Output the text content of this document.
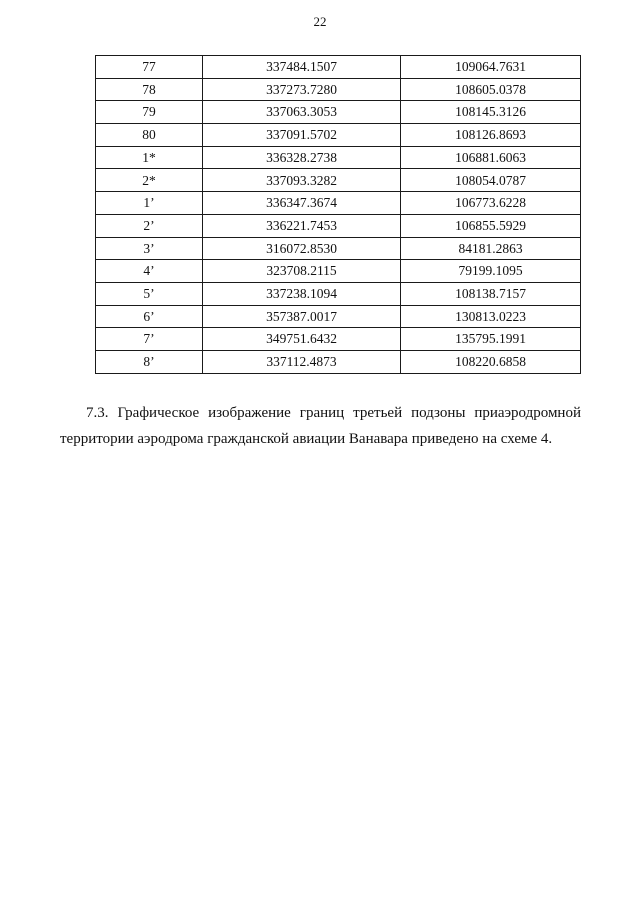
22
77	337484.1507	109064.7631
78	337273.7280	108605.0378
79	337063.3053	108145.3126
80	337091.5702	108126.8693
1*	336328.2738	106881.6063
2*	337093.3282	108054.0787
1’	336347.3674	106773.6228
2’	336221.7453	106855.5929
3’	316072.8530	84181.2863
4’	323708.2115	79199.1095
5’	337238.1094	108138.7157
6’	357387.0017	130813.0223
7’	349751.6432	135795.1991
8’	337112.4873	108220.6858

7.3. Графическое изображение границ третьей подзоны приаэродромной территории аэродрома гражданской авиации Ванавара приведено на схеме 4.
